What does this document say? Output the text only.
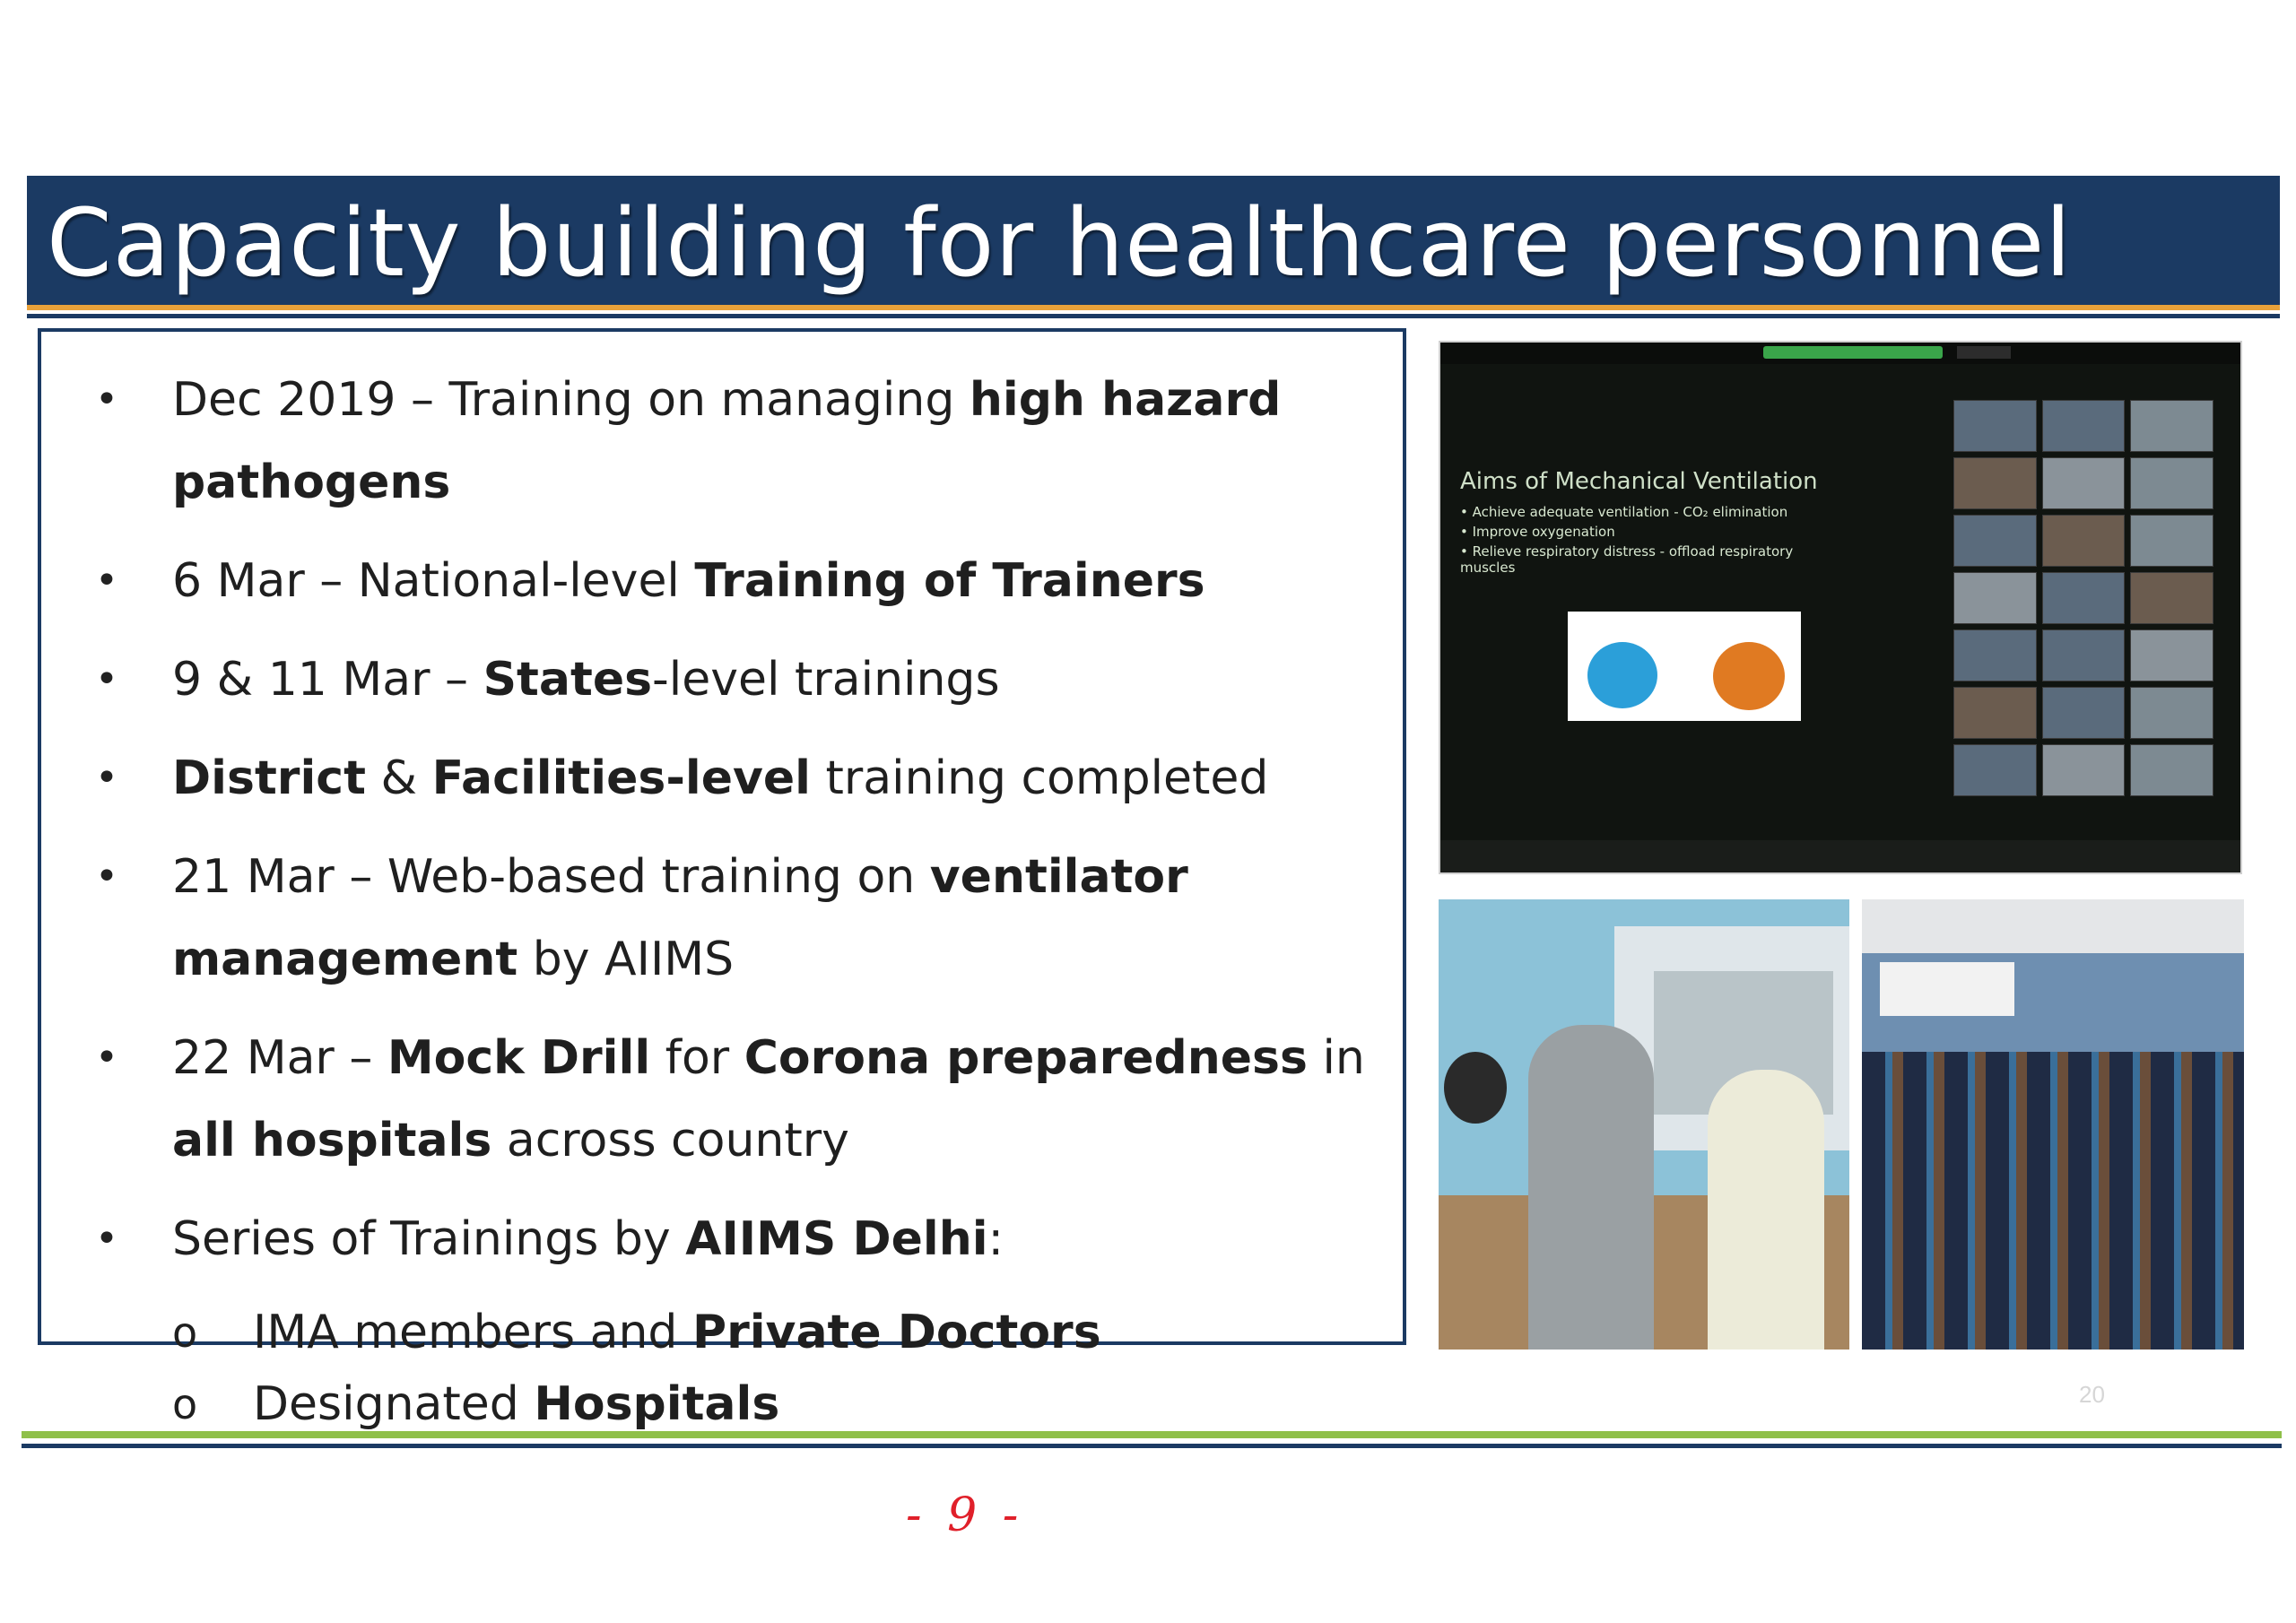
Capacity building for healthcare personnel
• Dec 2019 – Training on managing high hazard pathogens
• 6 Mar – National-level Training of Trainers
• 9 & 11 Mar – States-level trainings
• District & Facilities-level training completed
• 21 Mar – Web-based training on ventilator management by AIIMS
• 22 Mar – Mock Drill for Corona preparedness in all hospitals across country
• Series of Trainings by AIIMS Delhi:
o IMA members and Private Doctors
o Designated Hospitals
Aims of Mechanical Ventilation
• Achieve adequate ventilation - CO₂ elimination
• Improve oxygenation
• Relieve respiratory distress - offload respiratory muscles
20
- 9 -
